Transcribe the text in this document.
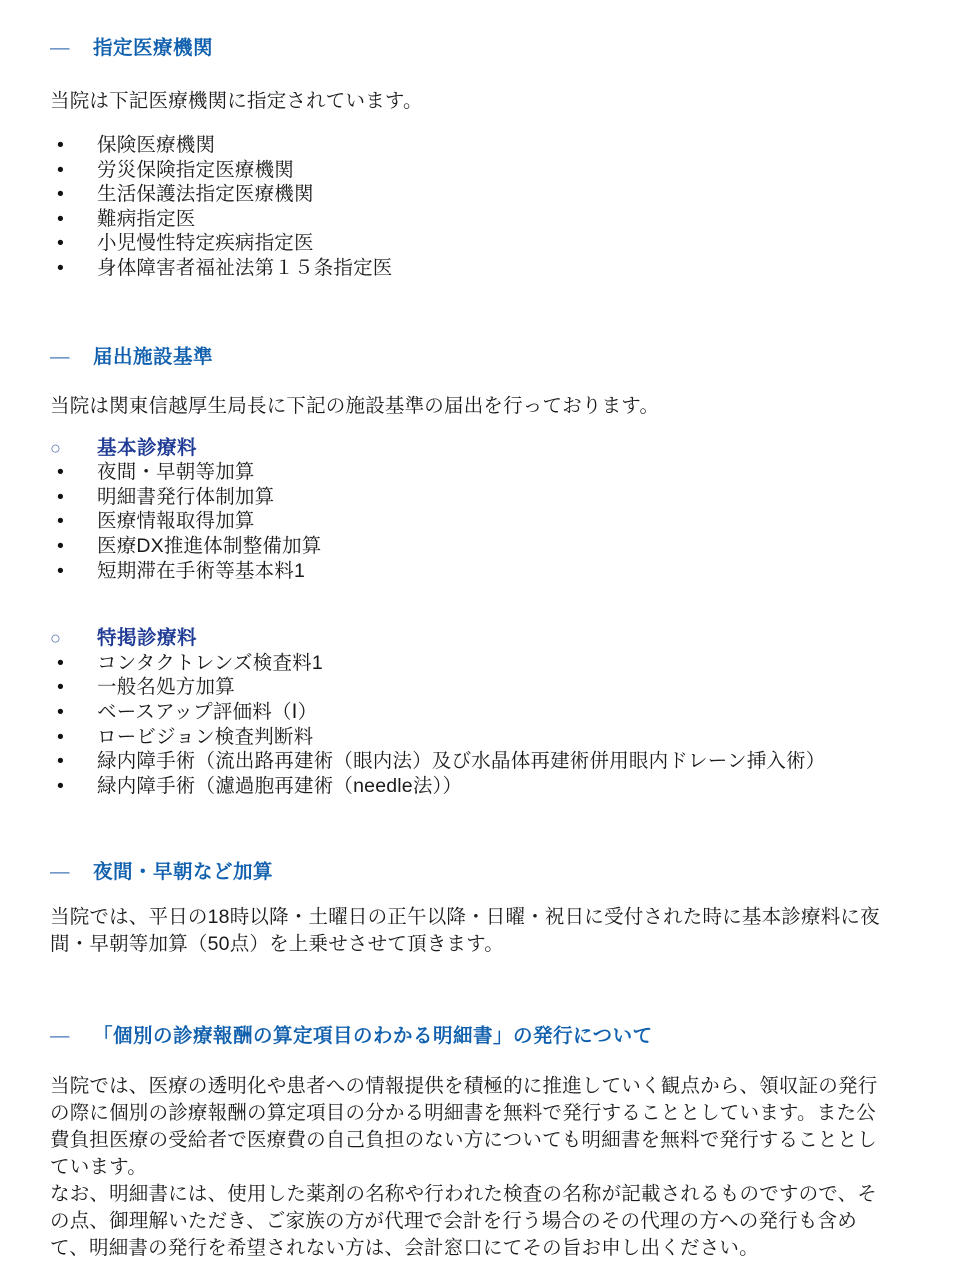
―	指定医療機関

当院は下記医療機関に指定されています。

• 保険医療機関
• 労災保険指定医療機関
• 生活保護法指定医療機関
• 難病指定医
• 小児慢性特定疾病指定医
• 身体障害者福祉法第１５条指定医
―	届出施設基準

当院は関東信越厚生局長に下記の施設基準の届出を行っております。

○	基本診療料
• 夜間・早朝等加算
• 明細書発行体制加算
• 医療情報取得加算
• 医療DX推進体制整備加算
• 短期滞在手術等基本料1
○	特掲診療料
• コンタクトレンズ検査料1
• 一般名処方加算
• ベースアップ評価料（Ⅰ）
• ロービジョン検査判断料
• 緑内障手術（流出路再建術（眼内法）及び水晶体再建術併用眼内ドレーン挿入術）
• 緑内障手術（濾過胞再建術（needle法））
―	夜間・早朝など加算

当院では、平日の18時以降・土曜日の正午以降・日曜・祝日に受付された時に基本診療料に夜間・早朝等加算（50点）を上乗せさせて頂きます。

―	「個別の診療報酬の算定項目のわかる明細書」の発行について

当院では、医療の透明化や患者への情報提供を積極的に推進していく観点から、領収証の発行の際に個別の診療報酬の算定項目の分かる明細書を無料で発行することとしています。また公費負担医療の受給者で医療費の自己負担のない方についても明細書を無料で発行することとしています。

なお、明細書には、使用した薬剤の名称や行われた検査の名称が記載されるものですので、その点、御理解いただき、ご家族の方が代理で会計を行う場合のその代理の方への発行も含めて、明細書の発行を希望されない方は、会計窓口にてその旨お申し出ください。
